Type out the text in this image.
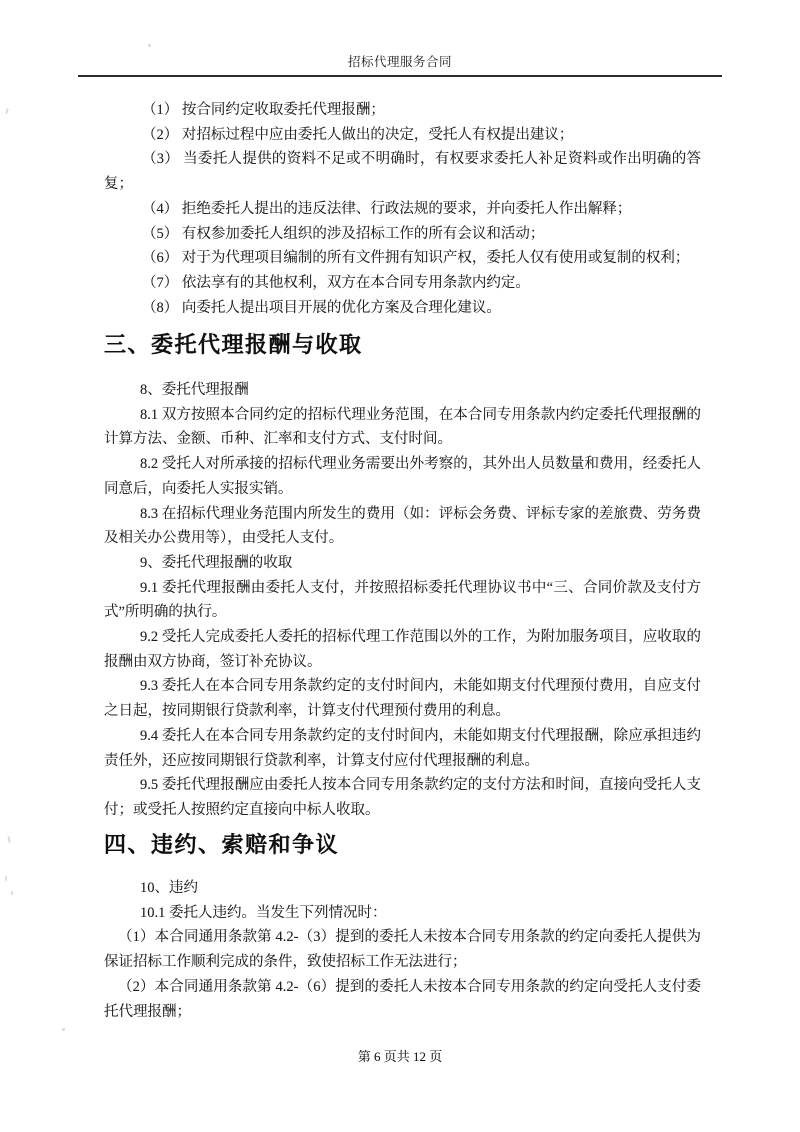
招标代理服务合同

（1） 按合同约定收取委托代理报酬；

（2） 对招标过程中应由委托人做出的决定，受托人有权提出建议；

（3） 当委托人提供的资料不足或不明确时，有权要求委托人补足资料或作出明确的答复；

（4） 拒绝委托人提出的违反法律、行政法规的要求，并向委托人作出解释；

（5） 有权参加委托人组织的涉及招标工作的所有会议和活动；

（6） 对于为代理项目编制的所有文件拥有知识产权，委托人仅有使用或复制的权利；

（7） 依法享有的其他权利，双方在本合同专用条款内约定。

（8） 向委托人提出项目开展的优化方案及合理化建议。

三、委托代理报酬与收取

8、委托代理报酬

8.1 双方按照本合同约定的招标代理业务范围，在本合同专用条款内约定委托代理报酬的计算方法、金额、币种、汇率和支付方式、支付时间。

8.2 受托人对所承接的招标代理业务需要出外考察的，其外出人员数量和费用，经委托人同意后，向委托人实报实销。

8.3 在招标代理业务范围内所发生的费用（如：评标会务费、评标专家的差旅费、劳务费及相关办公费用等），由受托人支付。

9、委托代理报酬的收取

9.1 委托代理报酬由委托人支付，并按照招标委托代理协议书中“三、合同价款及支付方式”所明确的执行。

9.2 受托人完成委托人委托的招标代理工作范围以外的工作，为附加服务项目，应收取的报酬由双方协商，签订补充协议。

9.3 委托人在本合同专用条款约定的支付时间内，未能如期支付代理预付费用，自应支付之日起，按同期银行贷款利率，计算支付代理预付费用的利息。

9.4 委托人在本合同专用条款约定的支付时间内，未能如期支付代理报酬，除应承担违约责任外，还应按同期银行贷款利率，计算支付应付代理报酬的利息。

9.5 委托代理报酬应由委托人按本合同专用条款约定的支付方法和时间，直接向受托人支付；或受托人按照约定直接向中标人收取。

四、违约、索赔和争议

10、违约

10.1 委托人违约。当发生下列情况时：

（1）本合同通用条款第 4.2-（3）提到的委托人未按本合同专用条款的约定向委托人提供为保证招标工作顺利完成的条件，致使招标工作无法进行；

（2）本合同通用条款第 4.2-（6）提到的委托人未按本合同专用条款的约定向受托人支付委托代理报酬；

第 6 页共 12 页
